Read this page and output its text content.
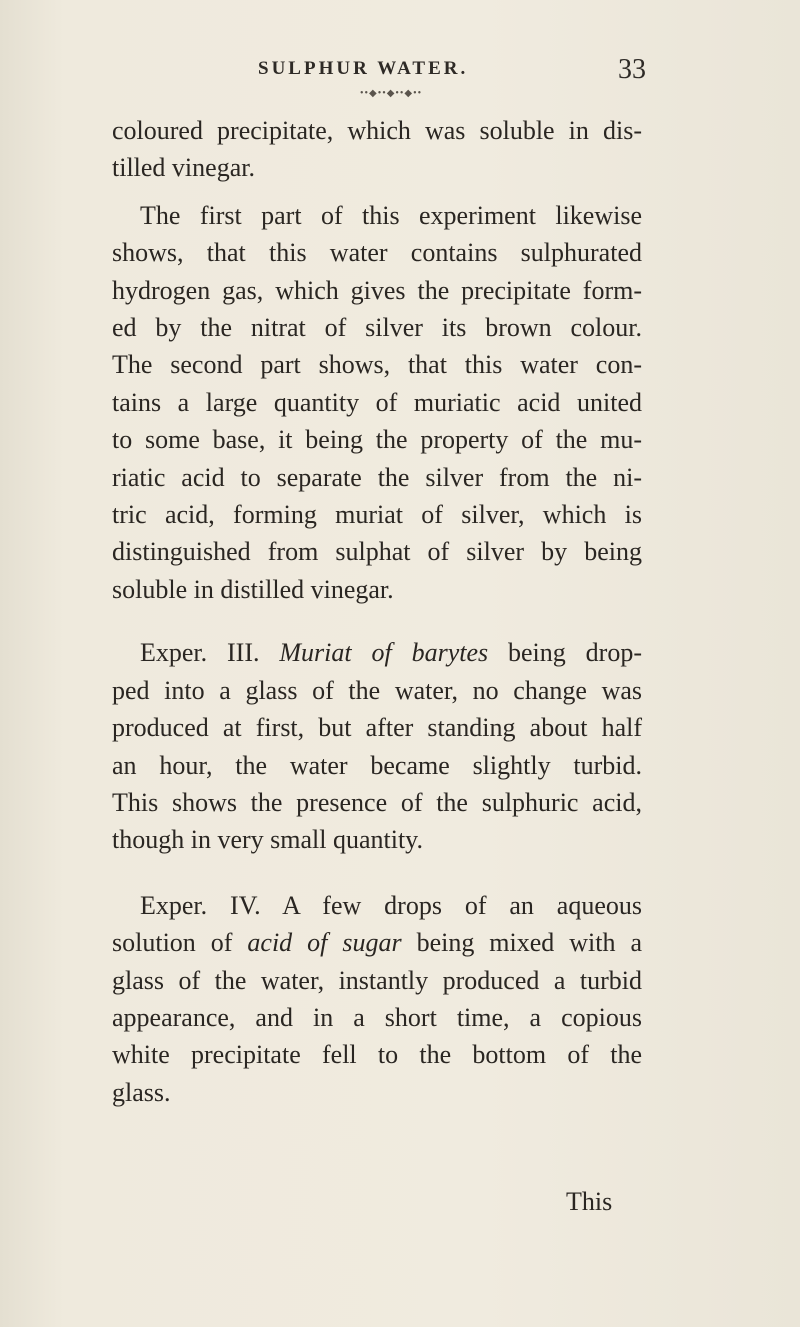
SULPHUR WATER.	33
••◆••◆••◆••

coloured precipitate, which was soluble in dis-
tilled vinegar.

The first part of this experiment likewise
shows, that this water contains sulphurated
hydrogen gas, which gives the precipitate form-
ed by the nitrat of silver its brown colour.
The second part shows, that this water con-
tains a large quantity of muriatic acid united
to some base, it being the property of the mu-
riatic acid to separate the silver from the ni-
tric acid, forming muriat of silver, which is
distinguished from sulphat of silver by being
soluble in distilled vinegar.

Exper. III. Muriat of barytes being drop-
ped into a glass of the water, no change was
produced at first, but after standing about half
an hour, the water became slightly turbid.
This shows the presence of the sulphuric acid,
though in very small quantity.

Exper. IV. A few drops of an aqueous
solution of acid of sugar being mixed with a
glass of the water, instantly produced a turbid
appearance, and in a short time, a copious
white precipitate fell to the bottom of the
glass.

This
